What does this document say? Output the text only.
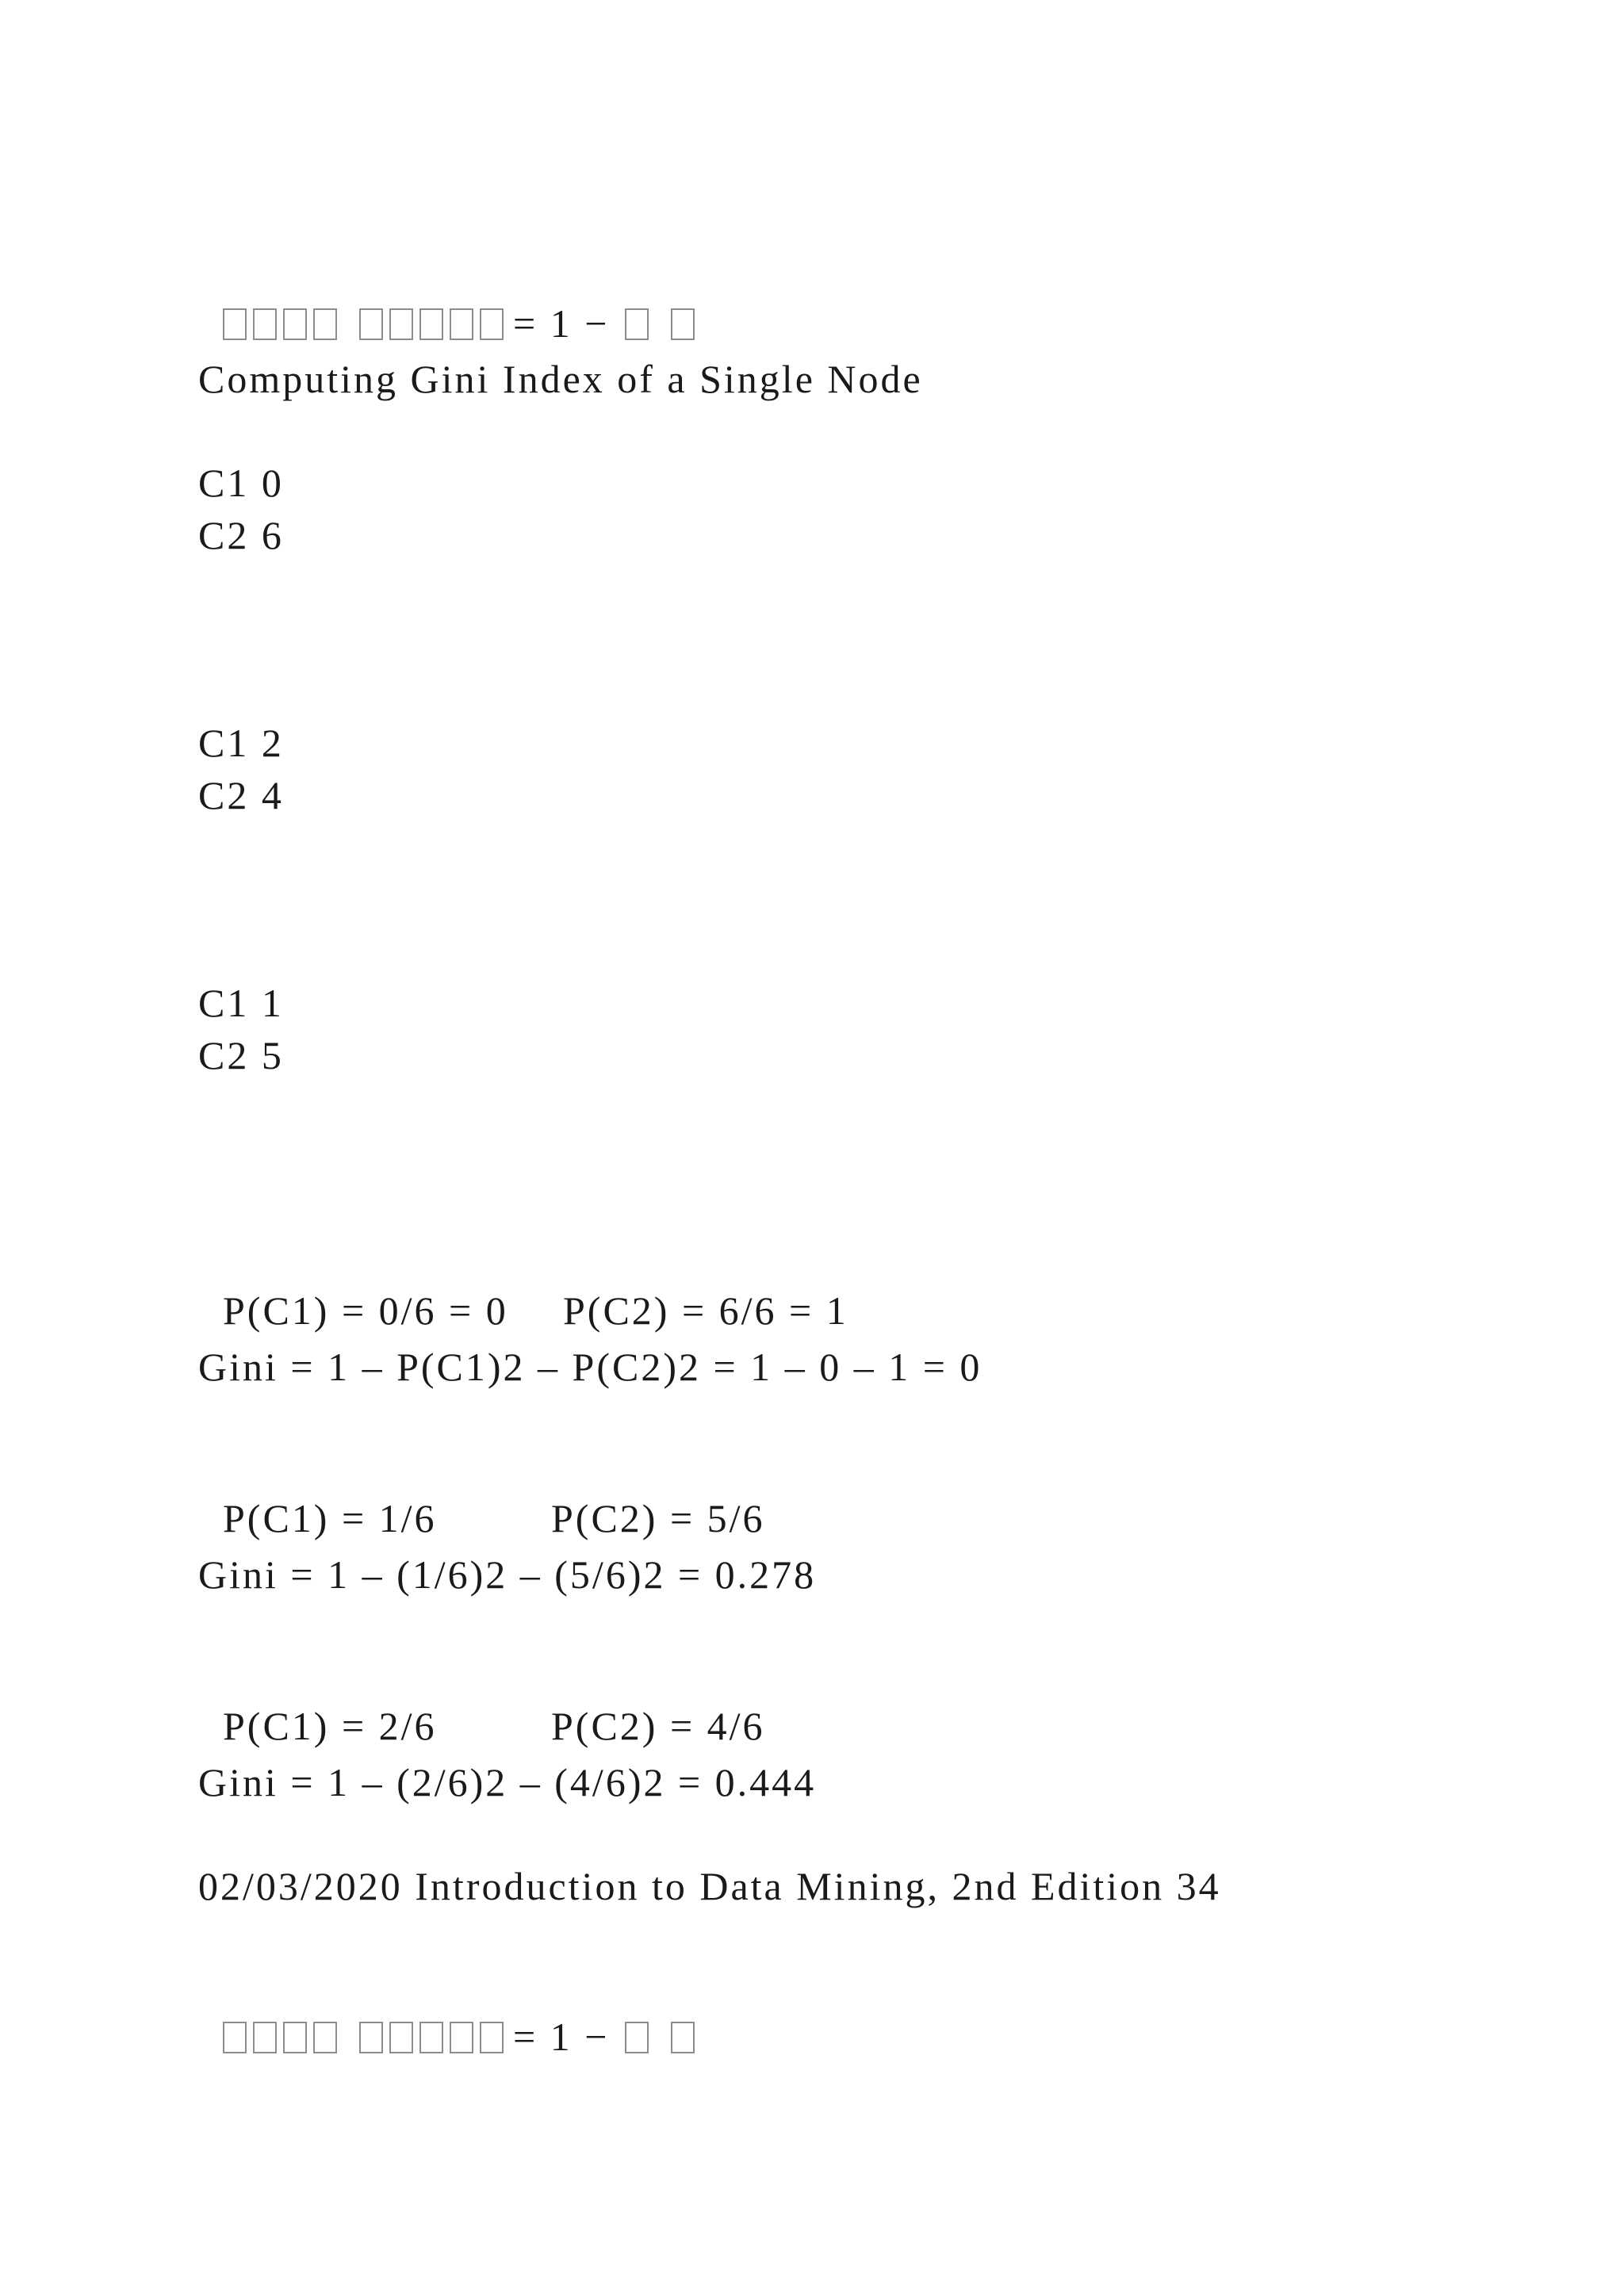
= 1 −

Computing Gini Index of a Single Node
C1 0
C2 6
C1 2
C2 4
C1 1
C2 5

P(C1) = 0/6 = 0 P(C2) = 6/6 = 1

Gini = 1 – P(C1)2 – P(C2)2 = 1 – 0 – 1 = 0

P(C1) = 1/6	P(C2) = 5/6

Gini = 1 – (1/6)2 – (5/6)2 = 0.278

P(C1) = 2/6	P(C2) = 4/6

Gini = 1 – (2/6)2 – (4/6)2 = 0.444
02/03/2020 Introduction to Data Mining, 2nd Edition 34

= 1 −
